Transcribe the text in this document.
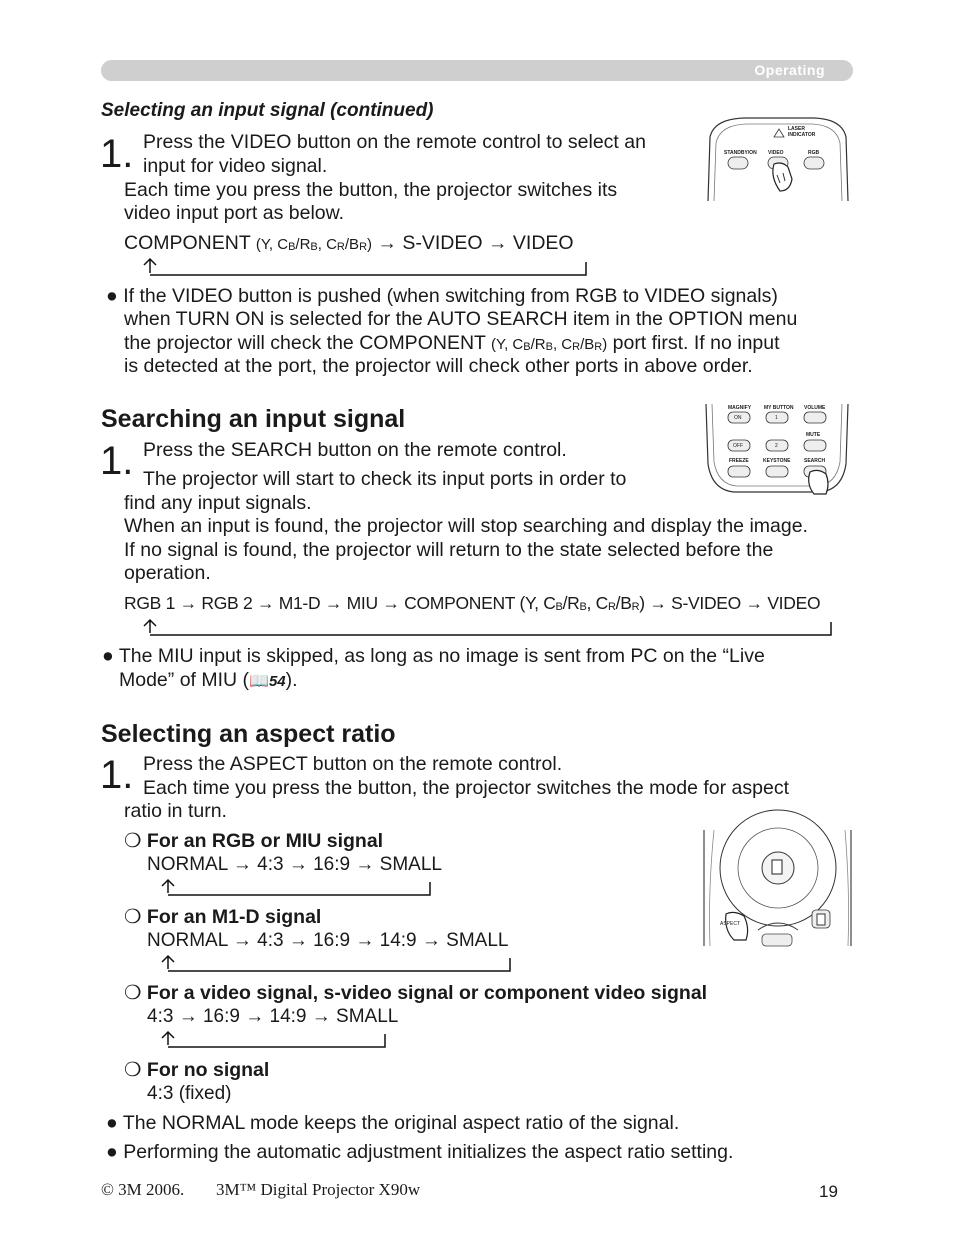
Operating
Selecting an input signal (continued)
1. Press the VIDEO button on the remote control to select an
input for video signal.
Each time you press the button, the projector switches its
video input port as below.
COMPONENT (Y, $C_B/R_B$, $C_R/B_R$) → S-VIDEO → VIDEO
● If the VIDEO button is pushed (when switching from RGB to VIDEO signals)
when TURN ON is selected for the AUTO SEARCH item in the OPTION menu
the projector will check the COMPONENT (Y, $C_B/R_B$, $C_R/B_R$) port first. If no input
is detected at the port, the projector will check other ports in above order.
LASER
INDICATOR
STANDBY/ON VIDEO	RGB
Searching an input signal
1. Press the SEARCH button on the remote control.
The projector will start to check its input ports in order to
find any input signals.
When an input is found, the projector will stop searching and display the image.
If no signal is found, the projector will return to the state selected before the
operation.
RGB 1 → RGB 2 → M1-D → MIU → COMPONENT (Y, $C_B/R_B$, $C_R/B_R$) → S-VIDEO → VIDEO
● The MIU input is skipped, as long as no image is sent from PC on the “Live
Mode” of MIU (📖54).
MAGNIFY	MY BUTTON VOLUME
ON	1
MUTE
OFF	2
FREEZE	KEYSTONE	SEARCH
Selecting an aspect ratio
1. Press the ASPECT button on the remote control.
Each time you press the button, the projector switches the mode for aspect
ratio in turn.
❍ For an RGB or MIU signal
NORMAL → 4:3 → 16:9 → SMALL
❍ For an M1-D signal
NORMAL → 4:3 → 16:9 → 14:9 → SMALL
❍ For a video signal, s-video signal or component video signal
4:3 → 16:9 → 14:9 → SMALL
❍ For no signal
4:3 (fixed)
● The NORMAL mode keeps the original aspect ratio of the signal.
● Performing the automatic adjustment initializes the aspect ratio setting.
ASPECT
© 3M 2006. 3M™ Digital Projector X90w	19
